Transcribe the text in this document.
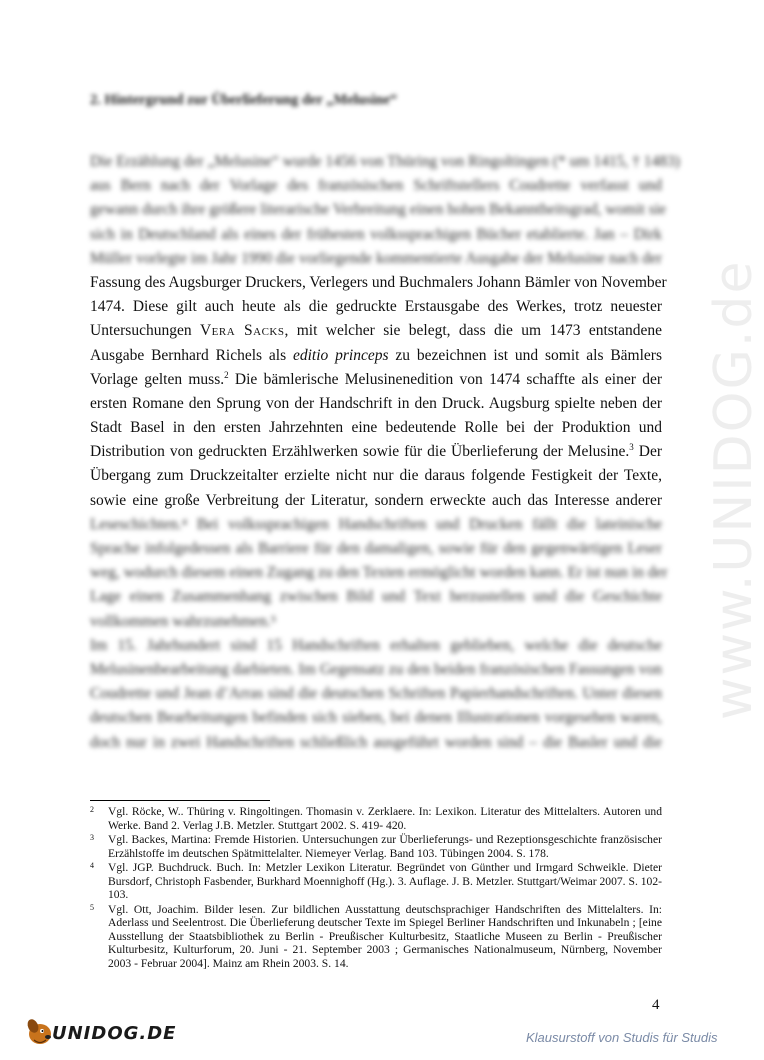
2. Hintergrund zur Überlieferung der „Melusine“
Die Erzählung der „Melusine“ wurde 1456 von Thüring von Ringoltingen (* um 1415, † 1483)
aus Bern nach der Vorlage des französischen Schriftstellers Coudrette verfasst und
gewann durch ihre größere literarische Verbreitung einen hohen Bekanntheitsgrad, womit sie
sich in Deutschland als eines der frühesten volkssprachigen Bücher etablierte. Jan – Dirk
Müller vorlegte im Jahr 1990 die vorliegende kommentierte Ausgabe der Melusine nach der
Fassung des Augsburger Druckers, Verlegers und Buchmalers Johann Bämler von November
1474. Diese gilt auch heute als die gedruckte Erstausgabe des Werkes, trotz neuester
Untersuchungen Vera Sacks, mit welcher sie belegt, dass die um 1473 entstandene
Ausgabe Bernhard Richels als editio princeps zu bezeichnen ist und somit als Bämlers
Vorlage gelten muss.$^2$ Die bämlerische Melusinenedition von 1474 schaffte als einer der
ersten Romane den Sprung von der Handschrift in den Druck. Augsburg spielte neben der
Stadt Basel in den ersten Jahrzehnten eine bedeutende Rolle bei der Produktion und
Distribution von gedruckten Erzählwerken sowie für die Überlieferung der Melusine.$^3$ Der
Übergang zum Druckzeitalter erzielte nicht nur die daraus folgende Festigkeit der Texte,
sowie eine große Verbreitung der Literatur, sondern erweckte auch das Interesse anderer
Leseschichten.⁴ Bei volkssprachigen Handschriften und Drucken fällt die lateinische
Sprache infolgedessen als Barriere für den damaligen, sowie für den gegenwärtigen Leser
weg, wodurch diesem einen Zugang zu den Texten ermöglicht worden kann. Er ist nun in der
Lage einen Zusammenhang zwischen Bild und Text herzustellen und die Geschichte
vollkommen wahrzunehmen.⁵
Im 15. Jahrhundert sind 15 Handschriften erhalten geblieben, welche die deutsche
Melusinenbearbeitung darbieten. Im Gegensatz zu den beiden französischen Fassungen von
Coudrette und Jean d’Arras sind die deutschen Schriften Papierhandschriften. Unter diesen
deutschen Bearbeitungen befinden sich sieben, bei denen Illustrationen vorgesehen waren,
doch nur in zwei Handschriften schließlich ausgeführt worden sind – die Basler und die
2 Vgl. Röcke, W.. Thüring v. Ringoltingen. Thomasin v. Zerklaere. In: Lexikon. Literatur des Mittelalters. Autoren und Werke. Band 2. Verlag J.B. Metzler. Stuttgart 2002. S. 419- 420.
3 Vgl. Backes, Martina: Fremde Historien. Untersuchungen zur Überlieferungs- und Rezeptionsgeschichte französischer Erzählstoffe im deutschen Spätmittelalter. Niemeyer Verlag. Band 103. Tübingen 2004. S. 178.
4 Vgl. JGP. Buchdruck. Buch. In: Metzler Lexikon Literatur. Begründet von Günther und Irmgard Schweikle. Dieter Bursdorf, Christoph Fasbender, Burkhard Moennighoff (Hg.). 3. Auflage. J. B. Metzler. Stuttgart/Weimar 2007. S. 102-103.
5 Vgl. Ott, Joachim. Bilder lesen. Zur bildlichen Ausstattung deutschsprachiger Handschriften des Mittelalters. In: Aderlass und Seelentrost. Die Überlieferung deutscher Texte im Spiegel Berliner Handschriften und Inkunabeln ; [eine Ausstellung der Staatsbibliothek zu Berlin - Preußischer Kulturbesitz, Staatliche Museen zu Berlin - Preußischer Kulturbesitz, Kulturforum, 20. Juni - 21. September 2003 ; Germanisches Nationalmuseum, Nürnberg, November 2003 - Februar 2004]. Mainz am Rhein 2003. S. 14.
4
www.UNIDOG.de
UNIDOG.DE	Klausurstoff von Studis für Studis
